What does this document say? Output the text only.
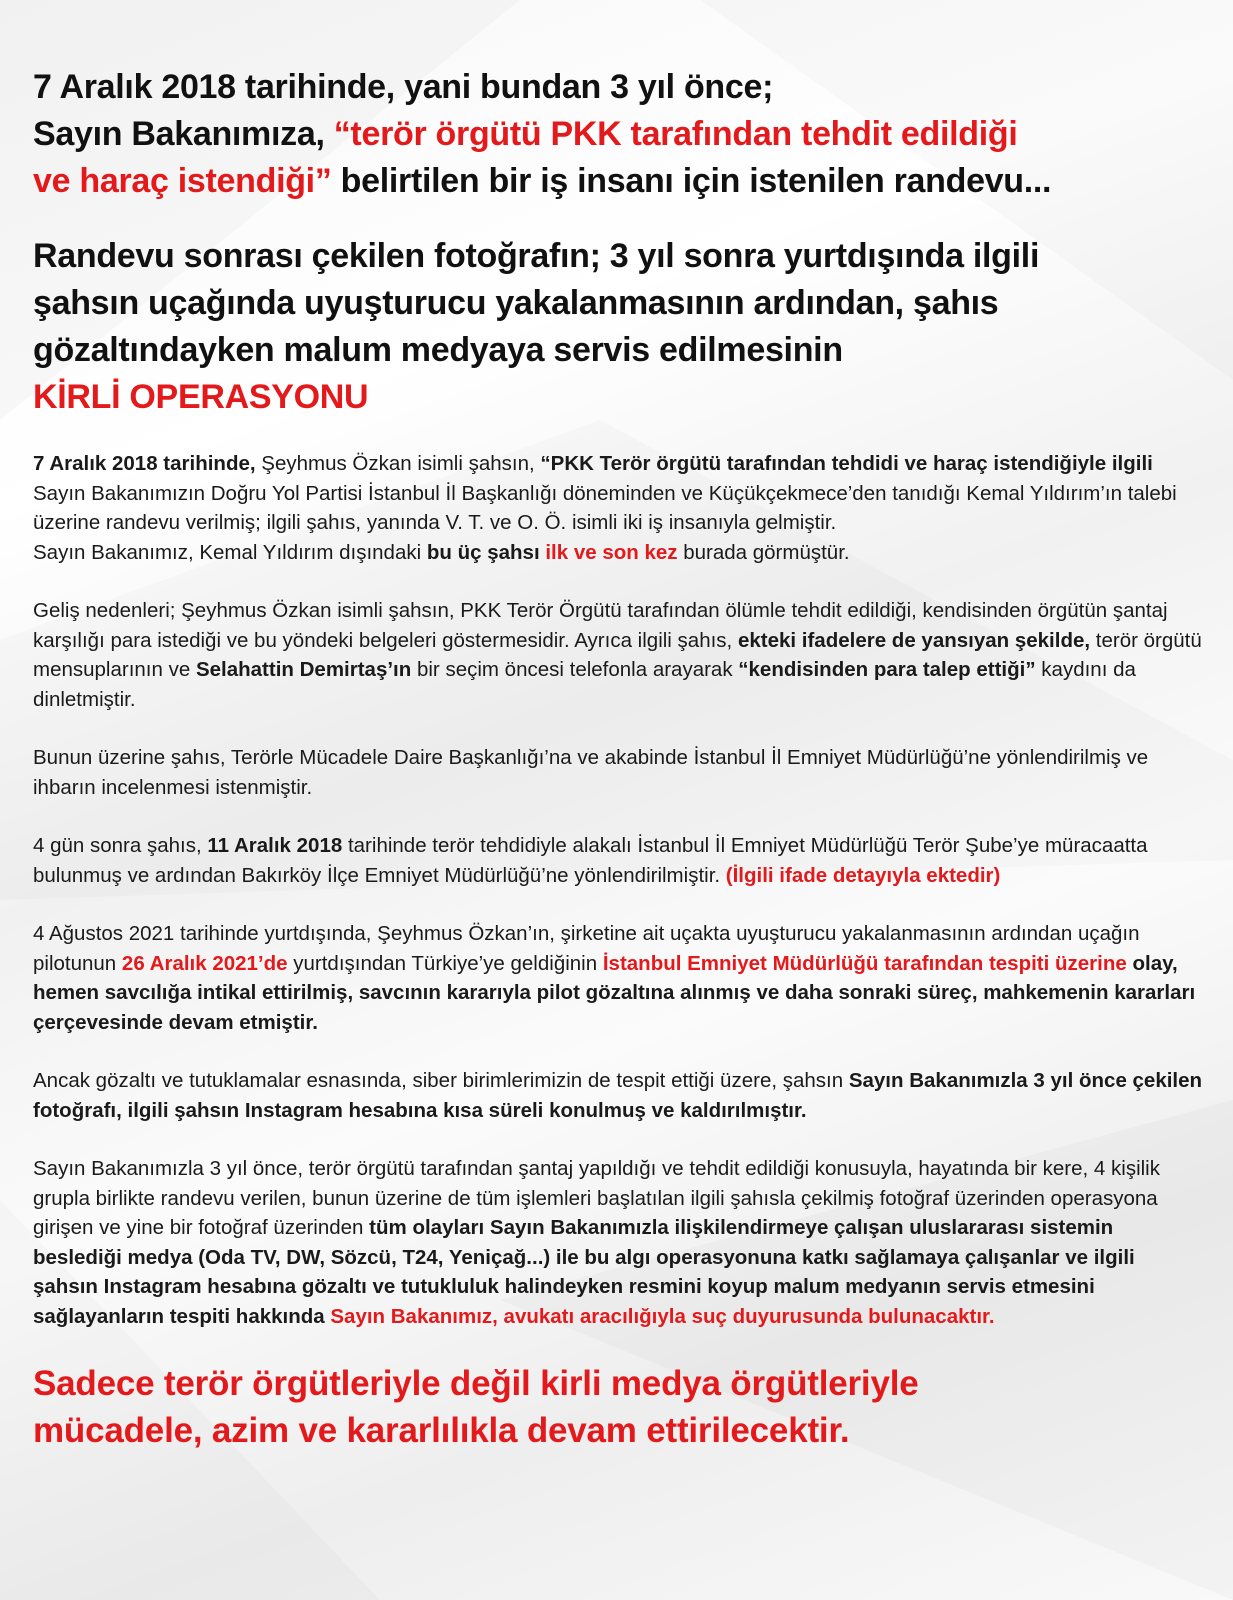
7 Aralık 2018 tarihinde, yani bundan 3 yıl önce;
Sayın Bakanımıza, “terör örgütü PKK tarafından tehdit edildiği
ve haraç istendiği” belirtilen bir iş insanı için istenilen randevu...
Randevu sonrası çekilen fotoğrafın; 3 yıl sonra yurtdışında ilgili
şahsın uçağında uyuşturucu yakalanmasının ardından, şahıs
gözaltındayken malum medyaya servis edilmesinin
KİRLİ OPERASYONU

7 Aralık 2018 tarihinde, Şeyhmus Özkan isimli şahsın, “PKK Terör örgütü tarafından tehdidi ve haraç istendiğiyle ilgili Sayın Bakanımızın Doğru Yol Partisi İstanbul İl Başkanlığı döneminden ve Küçükçekmece’den tanıdığı Kemal Yıldırım’ın talebi üzerine randevu verilmiş; ilgili şahıs, yanında V. T. ve O. Ö. isimli iki iş insanıyla gelmiştir.
Sayın Bakanımız, Kemal Yıldırım dışındaki bu üç şahsı ilk ve son kez burada görmüştür.

Geliş nedenleri; Şeyhmus Özkan isimli şahsın, PKK Terör Örgütü tarafından ölümle tehdit edildiği, kendisinden örgütün şantaj karşılığı para istediği ve bu yöndeki belgeleri göstermesidir. Ayrıca ilgili şahıs, ekteki ifadelere de yansıyan şekilde, terör örgütü mensuplarının ve Selahattin Demirtaş’ın bir seçim öncesi telefonla arayarak “kendisinden para talep ettiği” kaydını da dinletmiştir.

Bunun üzerine şahıs, Terörle Mücadele Daire Başkanlığı’na ve akabinde İstanbul İl Emniyet Müdürlüğü’ne yönlendirilmiş ve ihbarın incelenmesi istenmiştir.

4 gün sonra şahıs, 11 Aralık 2018 tarihinde terör tehdidiyle alakalı İstanbul İl Emniyet Müdürlüğü Terör Şube’ye müracaatta bulunmuş ve ardından Bakırköy İlçe Emniyet Müdürlüğü’ne yönlendirilmiştir. (İlgili ifade detayıyla ektedir)

4 Ağustos 2021 tarihinde yurtdışında, Şeyhmus Özkan’ın, şirketine ait uçakta uyuşturucu yakalanmasının ardından uçağın pilotunun 26 Aralık 2021’de yurtdışından Türkiye’ye geldiğinin İstanbul Emniyet Müdürlüğü tarafından tespiti üzerine olay, hemen savcılığa intikal ettirilmiş, savcının kararıyla pilot gözaltına alınmış ve daha sonraki süreç, mahkemenin kararları çerçevesinde devam etmiştir.

Ancak gözaltı ve tutuklamalar esnasında, siber birimlerimizin de tespit ettiği üzere, şahsın Sayın Bakanımızla 3 yıl önce çekilen fotoğrafı, ilgili şahsın Instagram hesabına kısa süreli konulmuş ve kaldırılmıştır.

Sayın Bakanımızla 3 yıl önce, terör örgütü tarafından şantaj yapıldığı ve tehdit edildiği konusuyla, hayatında bir kere, 4 kişilik grupla birlikte randevu verilen, bunun üzerine de tüm işlemleri başlatılan ilgili şahısla çekilmiş fotoğraf üzerinden operasyona girişen ve yine bir fotoğraf üzerinden tüm olayları Sayın Bakanımızla ilişkilendirmeye çalışan uluslararası sistemin beslediği medya (Oda TV, DW, Sözcü, T24, Yeniçağ...) ile bu algı operasyonuna katkı sağlamaya çalışanlar ve ilgili şahsın Instagram hesabına gözaltı ve tutukluluk halindeyken resmini koyup malum medyanın servis etmesini sağlayanların tespiti hakkında Sayın Bakanımız, avukatı aracılığıyla suç duyurusunda bulunacaktır.

Sadece terör örgütleriyle değil kirli medya örgütleriyle
mücadele, azim ve kararlılıkla devam ettirilecektir.
